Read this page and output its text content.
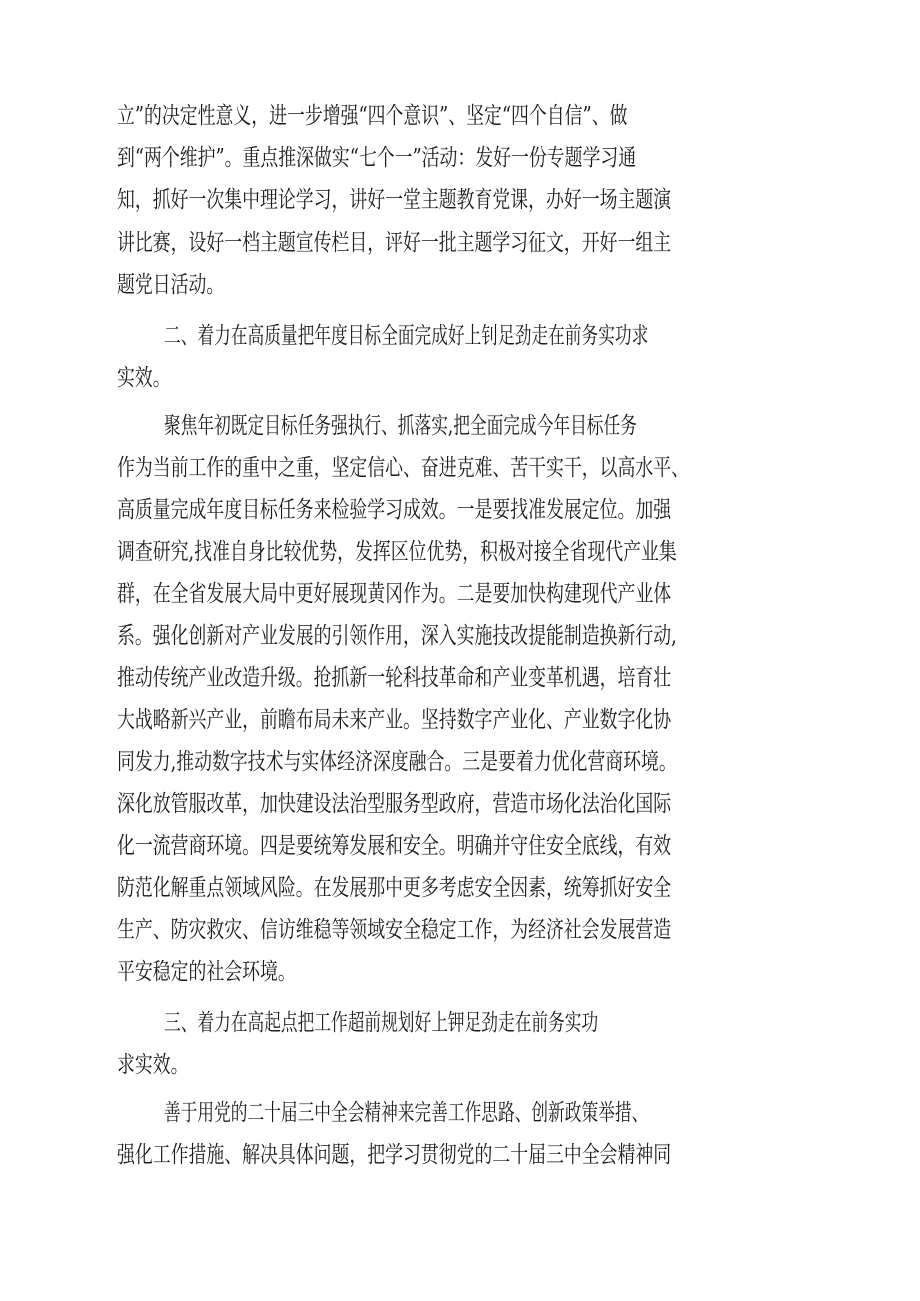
立”的决定性意义，进一步增强“四个意识”、坚定“四个自信”、做

到“两个维护”。重点推深做实“七个一”活动：发好一份专题学习通

知，抓好一次集中理论学习，讲好一堂主题教育党课，办好一场主题演

讲比赛，设好一档主题宣传栏目，评好一批主题学习征文，开好一组主

题党日活动。

二、着力在高质量把年度目标全面完成好上钊足劲走在前务实功求

实效。

聚焦年初既定目标任务强执行、抓落实,把全面完成今年目标任务

作为当前工作的重中之重，坚定信心、奋进克难、苦干实干，以高水平、

高质量完成年度目标任务来检验学习成效。一是要找准发展定位。加强

调查研究,找准自身比较优势，发挥区位优势，积极对接全省现代产业集

群，在全省发展大局中更好展现黄冈作为。二是要加快构建现代产业体

系。强化创新对产业发展的引领作用，深入实施技改提能制造换新行动,

推动传统产业改造升级。抢抓新一轮科技革命和产业变革机遇，培育壮

大战略新兴产业，前瞻布局未来产业。坚持数字产业化、产业数字化协

同发力,推动数字技术与实体经济深度融合。三是要着力优化营商环境。

深化放管服改革，加快建设法治型服务型政府，营造市场化法治化国际

化一流营商环境。四是要统筹发展和安全。明确并守住安全底线，有效

防范化解重点领域风险。在发展那中更多考虑安全因素，统筹抓好安全

生产、防灾救灾、信访维稳等领域安全稳定工作，为经济社会发展营造

平安稳定的社会环境。

三、着力在高起点把工作超前规划好上钾足劲走在前务实功

求实效。

善于用党的二十届三中全会精神来完善工作思路、创新政策举措、

强化工作措施、解决具体问题，把学习贯彻党的二十届三中全会精神同
